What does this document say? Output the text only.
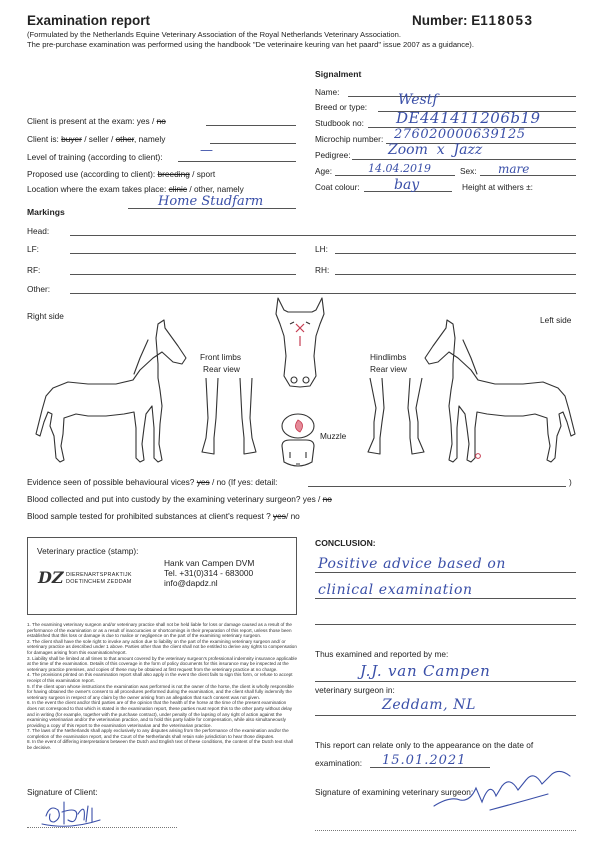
Examination report	Number: E118053
(Formulated by the Netherlands Equine Veterinary Association of the Royal Netherlands Veterinary Association.
The pre-purchase examination was performed using the handbook "De veterinaire keuring van het paard" issue 2007 as a guidance).
Signalment
Name:
Breed or type: Westf
Studbook no: DE441411206b19
Microchip number: 276020000639125
Pedigree:	Zoom  x  Jazz
Age:	14.04.2019	Sex: mare
Coat colour: bay	Height at withers ±:
Client is present at the exam: yes / no
Client is: buyer / seller / other, namely
Level of training (according to client):	—
Proposed use (according to client): breeding / sport
Location where the exam takes place: clinic / other, namely
Home Studfarm
Markings
Head:
LF:	LH:
RF:	RH:
Other:
Right side	Left side
Front limbs
Rear view
Hindlimbs
Rear view
Muzzle
Evidence seen of possible behavioural vices? yes / no (If yes: detail:	)
Blood collected and put into custody by the examining veterinary surgeon? yes / no
Blood sample tested for prohibited substances at client's request ? yes/ no
Veterinary practice (stamp):
DZ DIERENARTSPRAKTIJK
DOETINCHEM ZEDDAM
Hank van Campen DVM
Tel. +31(0)314 - 683000
info@dapdz.nl
CONCLUSION:
Positive advice based on
clinical examination
1. The examining veterinary surgeon and/or veterinary practice shall not be held liable for loss or damage caused as a result of the performance of the examination or as a result of inaccuracies or shortcomings in their preparation of this report, unless those been established that this loss or damage is due to malice or negligence on the part of the examining veterinary surgeon.
2. The client shall have the sole right to invoke any action due to liability on the part of the examining veterinary surgeon and/ or veterinary practice as described under 1 above. Parties other than the client shall not be entitled to derive any rights to compensation for damages arising from this examination/report.
3. Liability shall be limited at all times to that amount covered by the veterinary surgeon's professional indemnity insurance applicable at the time of the examination. Details of this coverage in the form of policy documents for this insurance may be inspected at the veterinary practice premises, and copies of these may be obtained at first request from the veterinary practice at no charge.
4. The provisions printed on this examination report shall also apply in the event the client fails to sign this form, or refuse to accept receipt of this examination report.
5. If the client upon whose instructions the examination was performed is not the owner of the horse, the client is wholly responsible for having obtained the owner's consent to all procedures performed during the examination, and the client shall fully indemnify the veterinary surgeon in respect of any claim by the owner arising from an allegation that such consent was not given.
6. In the event the client and/or third parties are of the opinion that the health of the horse at the time of the present examination does not correspond to that which is stated in the examination report, these parties must report this to the other party without delay and in writing (for example, together with the purchase contract), under penalty of the lapsing of any right of action against the examining veterinarian and/or the veterinarian practice, and to hold this party liable for compensation, while also simultaneously providing a copy of this report to the examination veterinarian and the veterinarian practice.
7. The laws of the Netherlands shall apply exclusively to any disputes arising from the performance of the examination and/or the completion of the examination report, and the Court of the Netherlands shall retain sole jurisdiction to hear those disputes.
8. In the event of differing interpretations between the Dutch and English text of these conditions, the content of the Dutch text shall be decisive.
Thus examined and reported by me:
J.J. van Campen
veterinary surgeon in:
Zeddam, NL
This report can relate only to the appearance on the date of
examination: 15.01.2021
Signature of Client:	Signature of examining veterinary surgeon:
